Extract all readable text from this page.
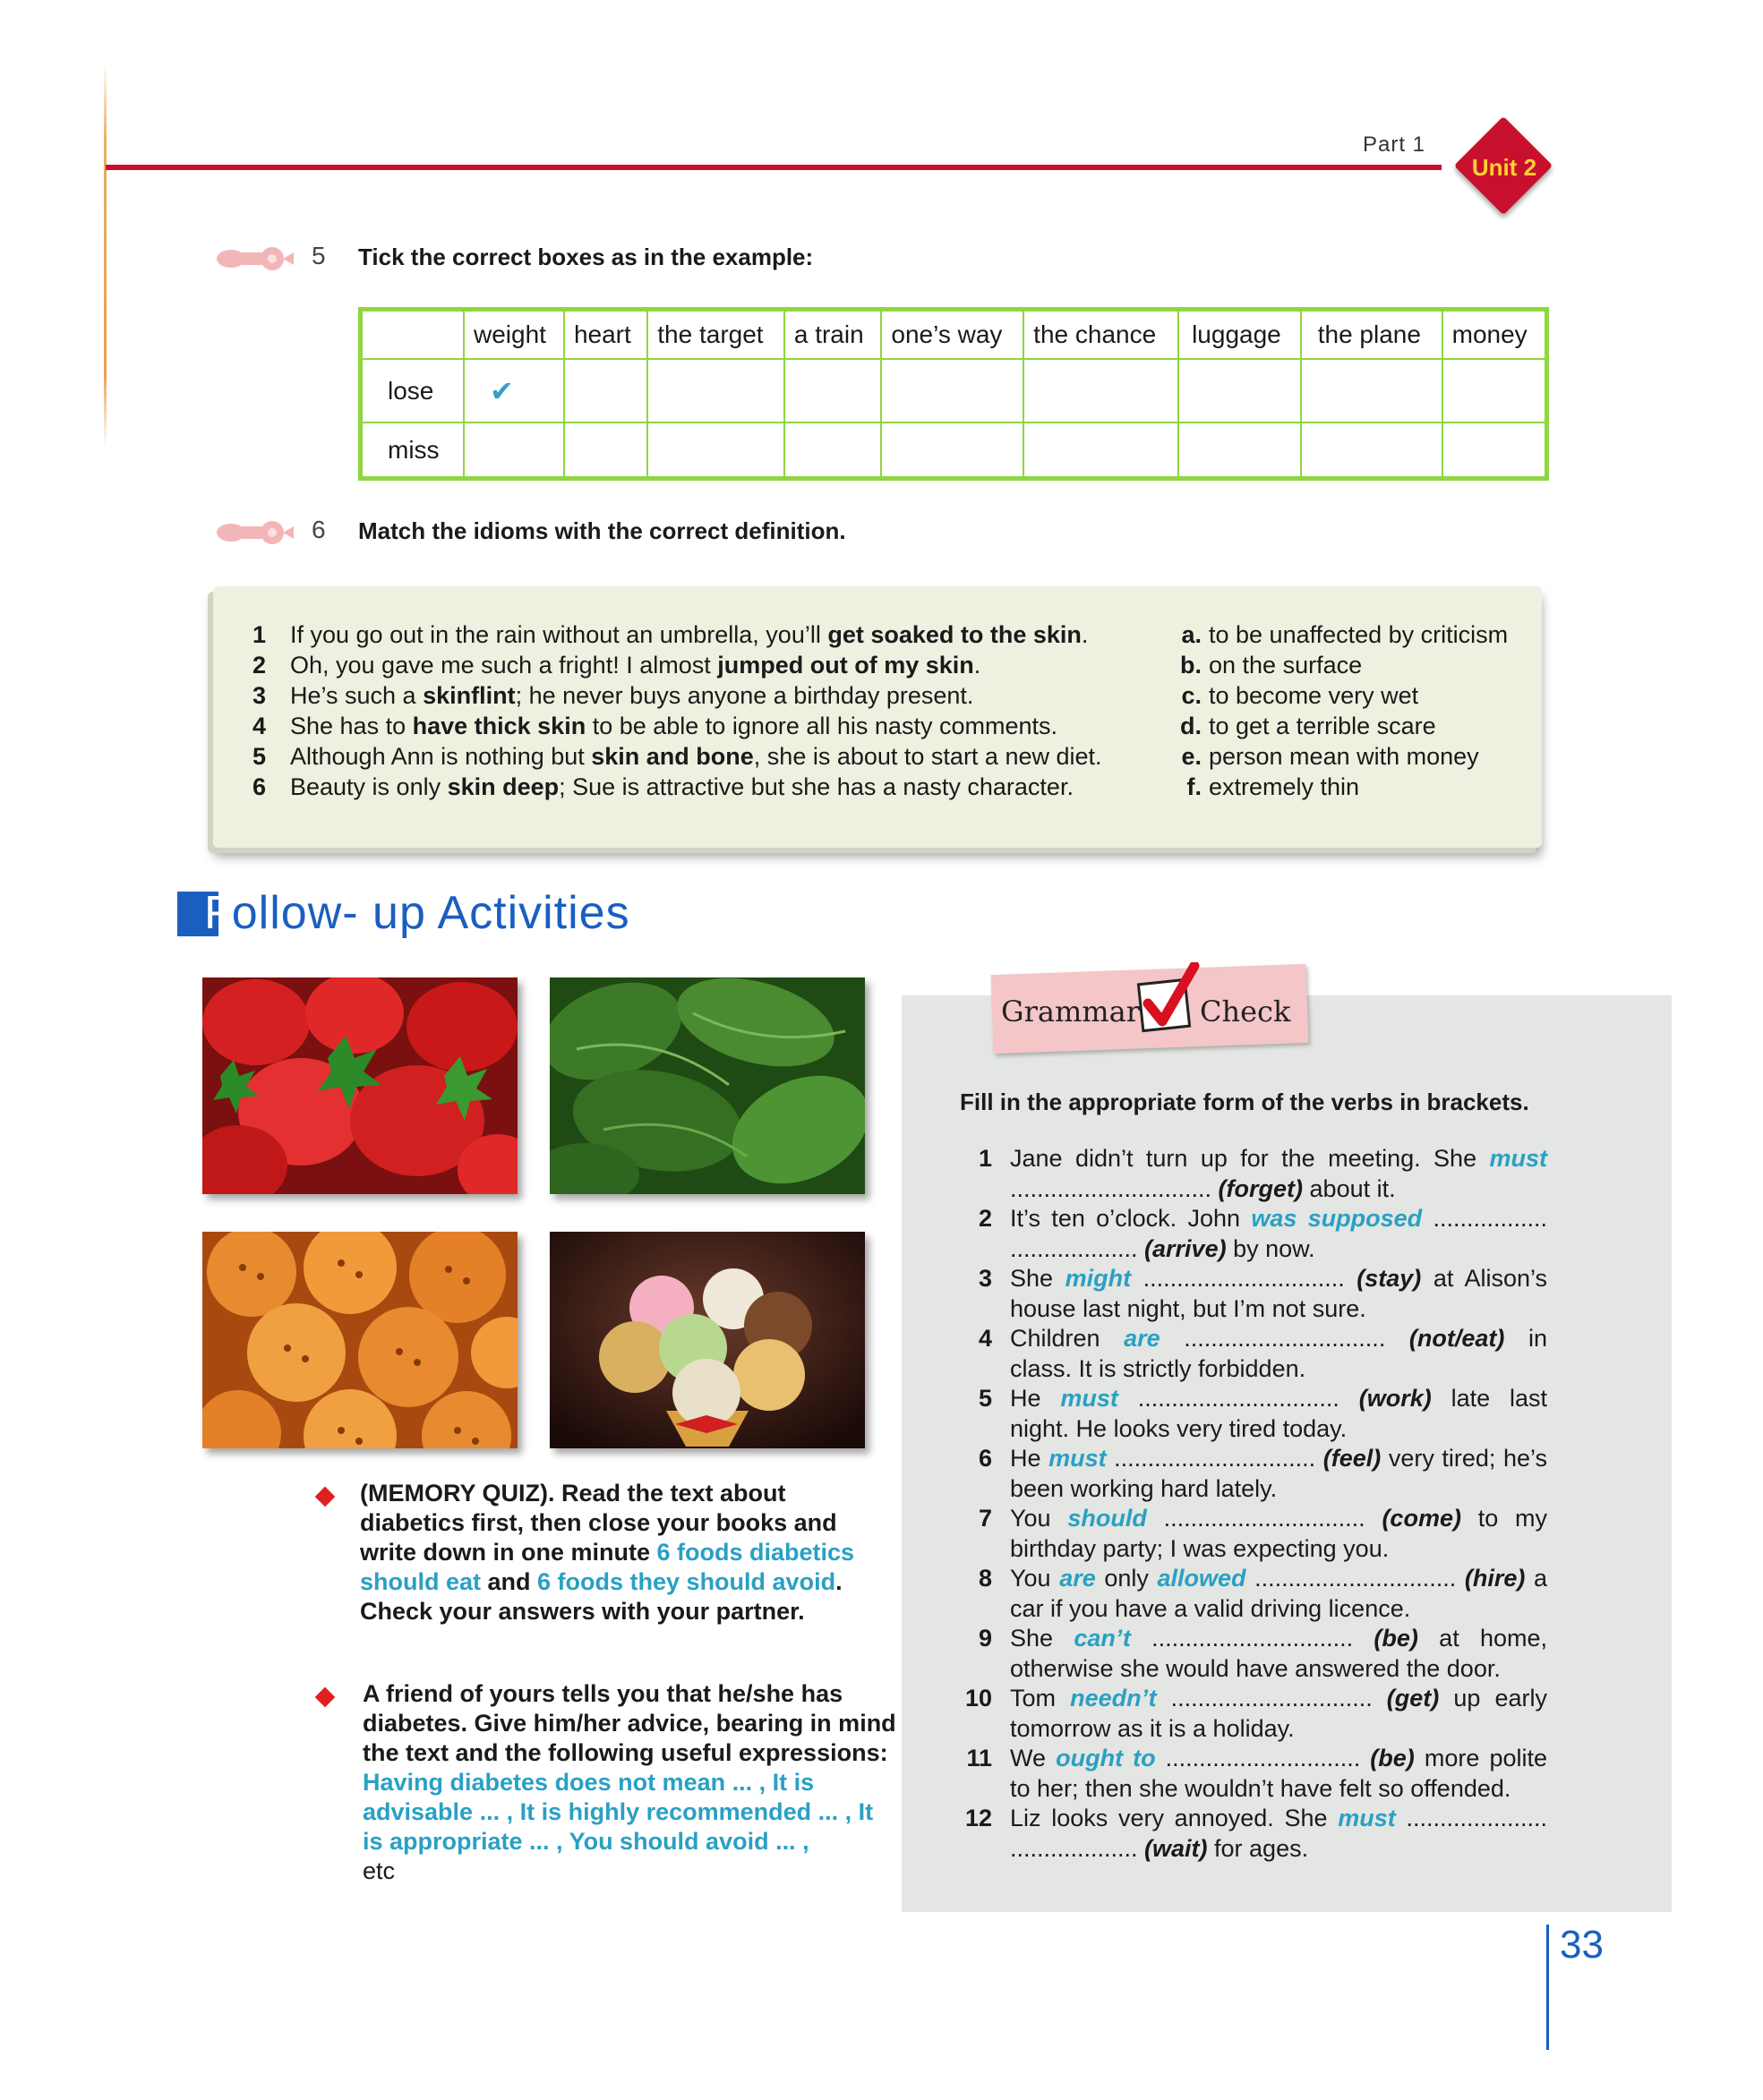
Part 1
Unit 2
5 Tick the correct boxes as in the example:
	weight	heart	the target	a train	one’s way	the chance	luggage	the plane	money
lose	✔								
miss									
6 Match the idioms with the correct definition.
1 If you go out in the rain without an umbrella, you’ll get soaked to the skin.	a. to be unaffected by criticism
2 Oh, you gave me such a fright! I almost jumped out of my skin.	b. on the surface
3 He’s such a skinflint; he never buys anyone a birthday present.	c. to become very wet
4 She has to have thick skin to be able to ignore all his nasty comments.	d. to get a terrible scare
5 Although Ann is nothing but skin and bone, she is about to start a new diet.	e. person mean with money
6 Beauty is only skin deep; Sue is attractive but she has a nasty character.	f. extremely thin
Follow- up Activities
(MEMORY QUIZ). Read the text about diabetics first, then close your books and write down in one minute 6 foods diabetics should eat and 6 foods they should avoid. Check your answers with your partner.
A friend of yours tells you that he/she has diabetes. Give him/her advice, bearing in mind the text and the following useful expressions:
Having diabetes does not mean ... , It is advisable ... , It is highly recommended ... , It is appropriate ... , You should avoid ... ,
etc
Grammar Check
Fill in the appropriate form of the verbs in brackets.
1 Jane didn’t turn up for the meeting. She must .............................. (forget) about it.
2 It’s ten o’clock. John was supposed ................. ................... (arrive) by now.
3 She might .............................. (stay) at Alison’s house last night, but I’m not sure.
4 Children are .............................. (not/eat) in class. It is strictly forbidden.
5 He must .............................. (work) late last night. He looks very tired today.
6 He must .............................. (feel) very tired; he’s been working hard lately.
7 You should .............................. (come) to my birthday party; I was expecting you.
8 You are only allowed .............................. (hire) a car if you have a valid driving licence.
9 She can’t .............................. (be) at home, otherwise she would have answered the door.
10 Tom needn’t .............................. (get) up early tomorrow as it is a holiday.
11 We ought to ............................. (be) more polite to her; then she wouldn’t have felt so offended.
12 Liz looks very annoyed. She must ..................... ................... (wait) for ages.
33
